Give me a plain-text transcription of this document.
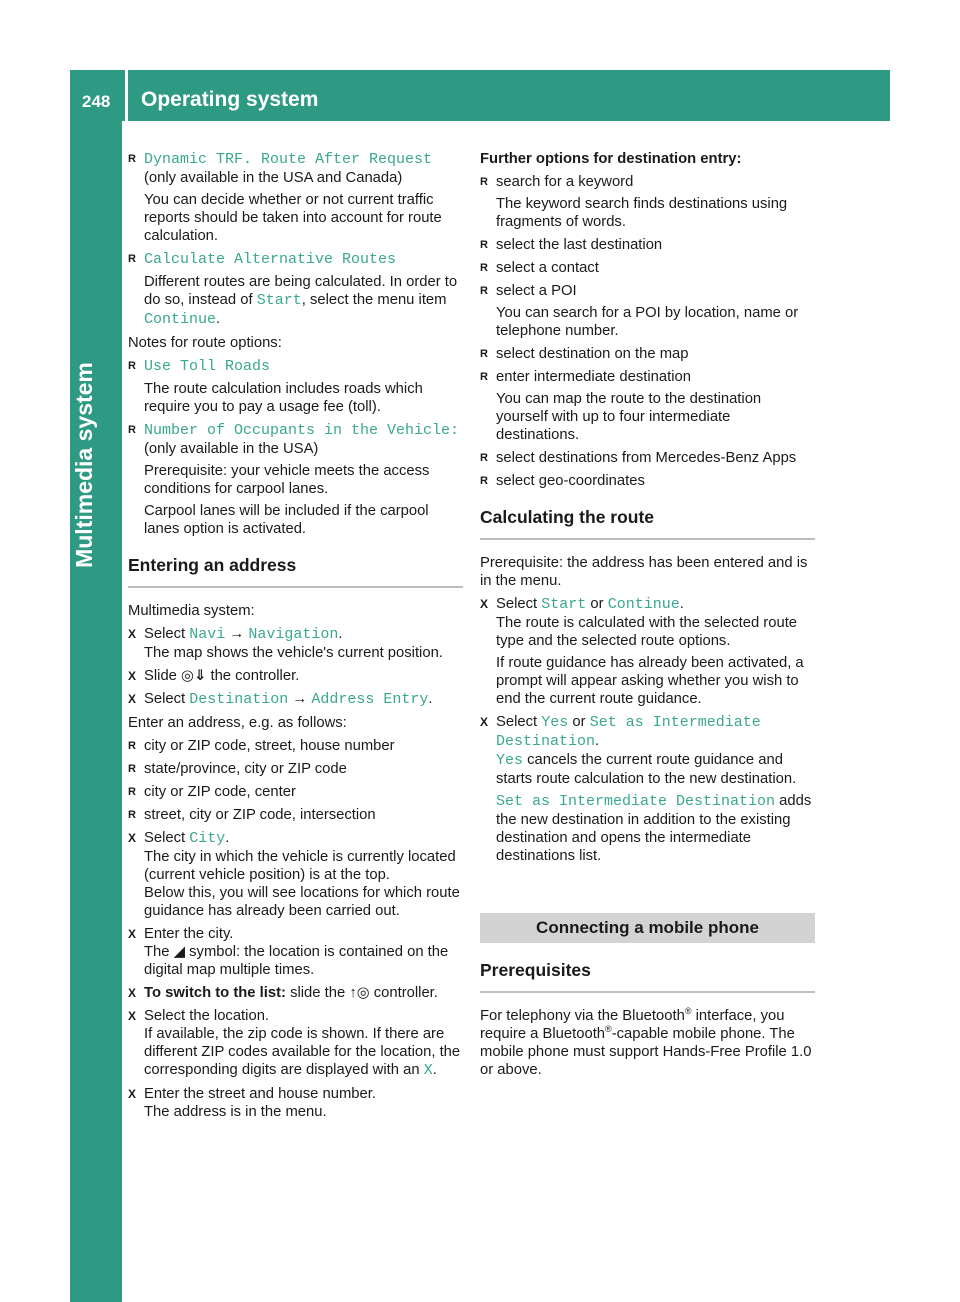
248 Operating system
Multimedia system
R Dynamic TRF. Route After Request (only available in the USA and Canada)
You can decide whether or not current traffic reports should be taken into account for route calculation.
R Calculate Alternative Routes
Different routes are being calculated. In order to do so, instead of Start, select the menu item Continue.
Notes for route options:
R Use Toll Roads
The route calculation includes roads which require you to pay a usage fee (toll).
R Number of Occupants in the Vehicle:
(only available in the USA)
Prerequisite: your vehicle meets the access conditions for carpool lanes.
Carpool lanes will be included if the carpool lanes option is activated.
Entering an address
Multimedia system:
X Select Navi → Navigation.
The map shows the vehicle's current position.
X Slide ◎⇓ the controller.
X Select Destination → Address Entry.
Enter an address, e.g. as follows:
R city or ZIP code, street, house number
R state/province, city or ZIP code
R city or ZIP code, center
R street, city or ZIP code, intersection
X Select City.
The city in which the vehicle is currently located (current vehicle position) is at the top.
Below this, you will see locations for which route guidance has already been carried out.
X Enter the city.
The ◢ symbol: the location is contained on the digital map multiple times.
X To switch to the list: slide the ↑◎ controller.
X Select the location.
If available, the zip code is shown. If there are different ZIP codes available for the location, the corresponding digits are displayed with an X.
X Enter the street and house number.
The address is in the menu.
Further options for destination entry:
R search for a keyword
The keyword search finds destinations using fragments of words.
R select the last destination
R select a contact
R select a POI
You can search for a POI by location, name or telephone number.
R select destination on the map
R enter intermediate destination
You can map the route to the destination yourself with up to four intermediate destinations.
R select destinations from Mercedes-Benz Apps
R select geo-coordinates
Calculating the route
Prerequisite: the address has been entered and is in the menu.
X Select Start or Continue.
The route is calculated with the selected route type and the selected route options.
If route guidance has already been activated, a prompt will appear asking whether you wish to end the current route guidance.
X Select Yes or Set as Intermediate Destination.
Yes cancels the current route guidance and starts route calculation to the new destination.
Set as Intermediate Destination adds the new destination in addition to the existing destination and opens the intermediate destinations list.
Connecting a mobile phone
Prerequisites
For telephony via the Bluetooth® interface, you require a Bluetooth®-capable mobile phone. The mobile phone must support Hands-Free Profile 1.0 or above.
